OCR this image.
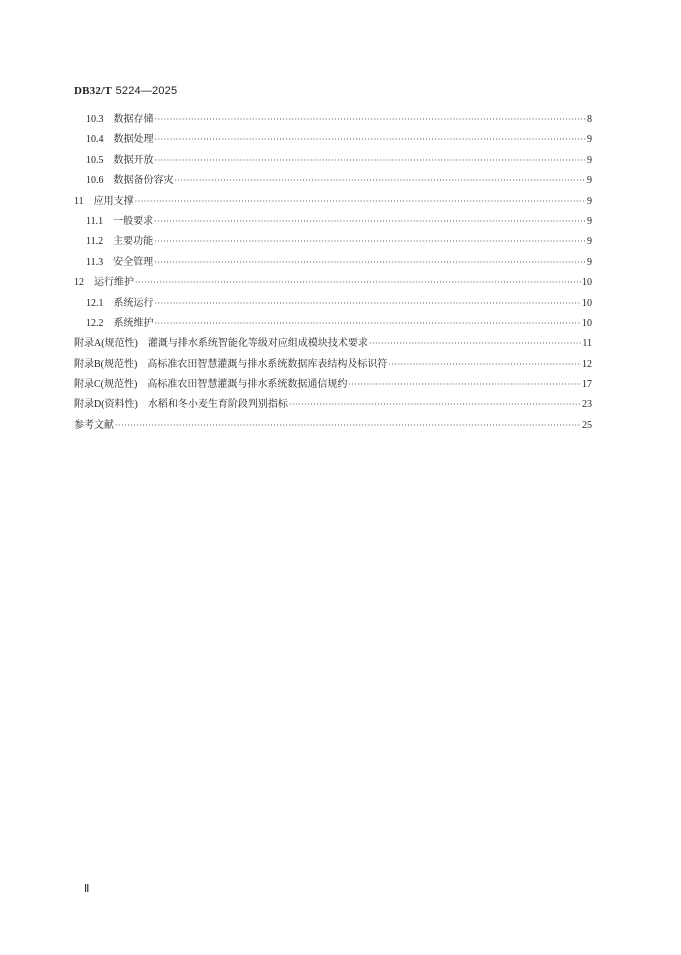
DB32/T 5224—2025
10.3 数据存储 ·····	8
10.4 数据处理 ·····	9
10.5 数据开放 ·····	9
10.6 数据备份容灾 ·····	9
11 应用支撑 ·····	9
11.1 一般要求 ·····	9
11.2 主要功能 ·····	9
11.3 安全管理 ·····	9
12 运行维护 ·····	10
12.1 系统运行 ·····	10
12.2 系统维护 ·····	10
附录A(规范性) 灌溉与排水系统智能化等级对应组成模块技术要求 ·····	11
附录B(规范性) 高标准农田智慧灌溉与排水系统数据库表结构及标识符 ·····	12
附录C(规范性) 高标准农田智慧灌溉与排水系统数据通信规约 ·····	17
附录D(资料性) 水稻和冬小麦生育阶段判别指标 ·····	23
参考文献 ·····	25
Ⅱ
